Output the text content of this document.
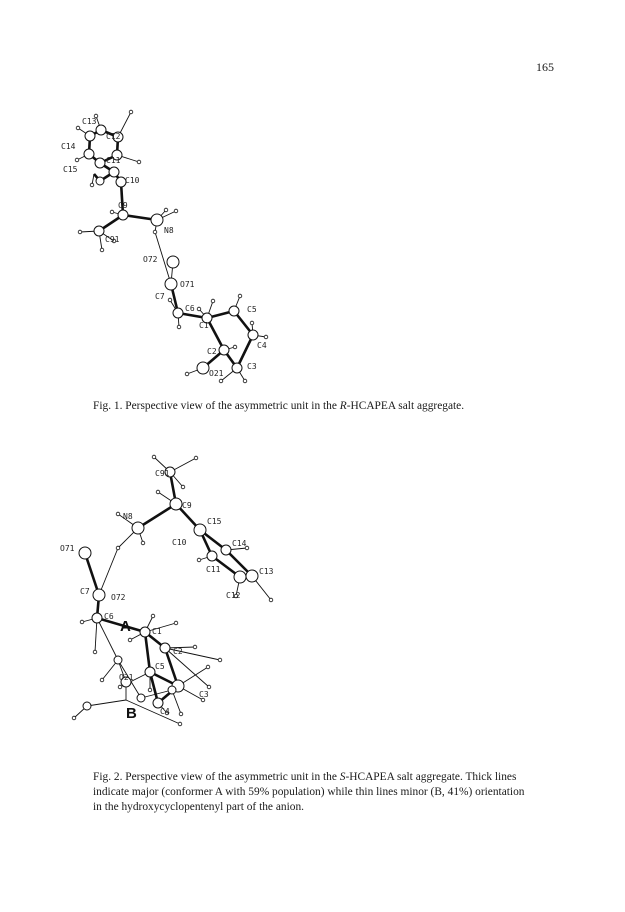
165
C13
C12
C14
C11
C15
C10
C9
N8
C91
O72
O71
C7
C6	C5
C1
C4
C2
C3
O21
Fig. 1. Perspective view of the asymmetric unit in the R-HCAPEA salt aggregate.
C91
C9
N8
C15
C10	C14
O71
C11	C13
C7
O72	C12
C6
C1
C2
C5
O21
C3
C4
A
B
Fig. 2. Perspective view of the asymmetric unit in the S-HCAPEA salt aggregate. Thick lines indicate major (conformer A with 59% population) while thin lines minor (B, 41%) orientation in the hydroxycyclopentenyl part of the anion.
